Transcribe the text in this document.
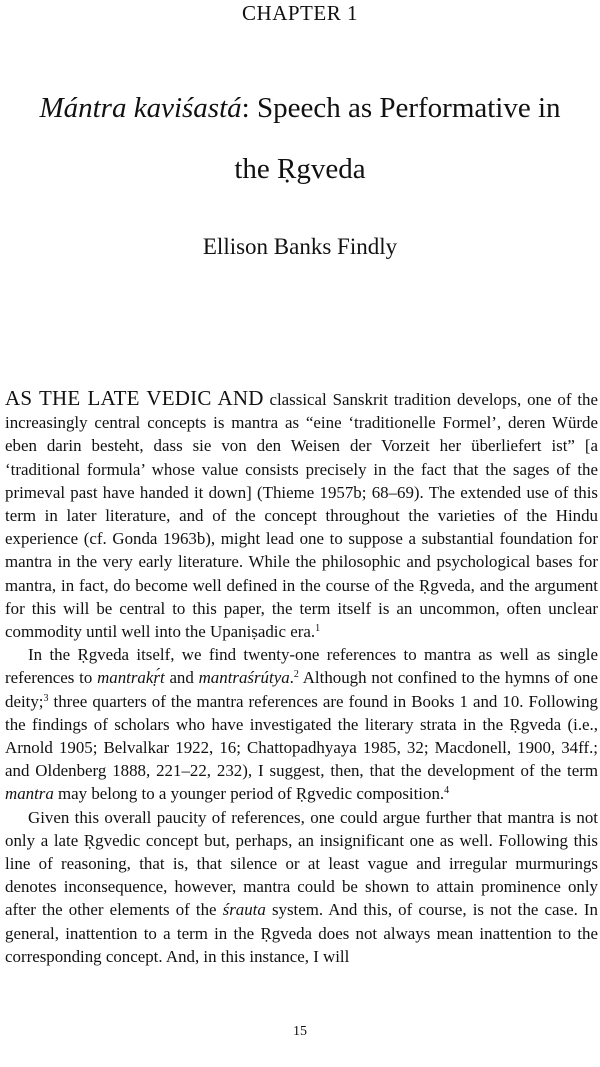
CHAPTER 1
Mántra kaviśastá: Speech as Performative in
the Ṛgveda
Ellison Banks Findly

AS THE LATE VEDIC AND classical Sanskrit tradition develops, one of the increasingly central concepts is mantra as “eine ‘traditionelle Formel’, deren Würde eben darin besteht, dass sie von den Weisen der Vorzeit her überliefert ist” [a ‘traditional formula’ whose value consists precisely in the fact that the sages of the primeval past have handed it down] (Thieme 1957b; 68–69). The extended use of this term in later literature, and of the concept throughout the varieties of the Hindu experience (cf. Gonda 1963b), might lead one to suppose a substantial foundation for mantra in the very early literature. While the philosophic and psychological bases for mantra, in fact, do become well defined in the course of the Ṛgveda, and the argument for this will be central to this paper, the term itself is an uncommon, often unclear commodity until well into the Upaniṣadic era.$^1$

In the Ṛgveda itself, we find twenty-one references to mantra as well as single references to mantrakṛ́t and mantraśrútya.$^2$ Although not confined to the hymns of one deity;$^3$ three quarters of the mantra references are found in Books 1 and 10. Following the findings of scholars who have investigated the literary strata in the Ṛgveda (i.e., Arnold 1905; Belvalkar 1922, 16; Chattopadhyaya 1985, 32; Macdonell, 1900, 34ff.; and Oldenberg 1888, 221–22, 232), I suggest, then, that the development of the term mantra may belong to a younger period of Ṛgvedic composition.$^4$

Given this overall paucity of references, one could argue further that mantra is not only a late Ṛgvedic concept but, perhaps, an insignificant one as well. Following this line of reasoning, that is, that silence or at least vague and irregular murmurings denotes inconsequence, however, mantra could be shown to attain prominence only after the other elements of the śrauta system. And this, of course, is not the case. In general, inattention to a term in the Ṛgveda does not always mean inattention to the corresponding concept. And, in this instance, I will

15
